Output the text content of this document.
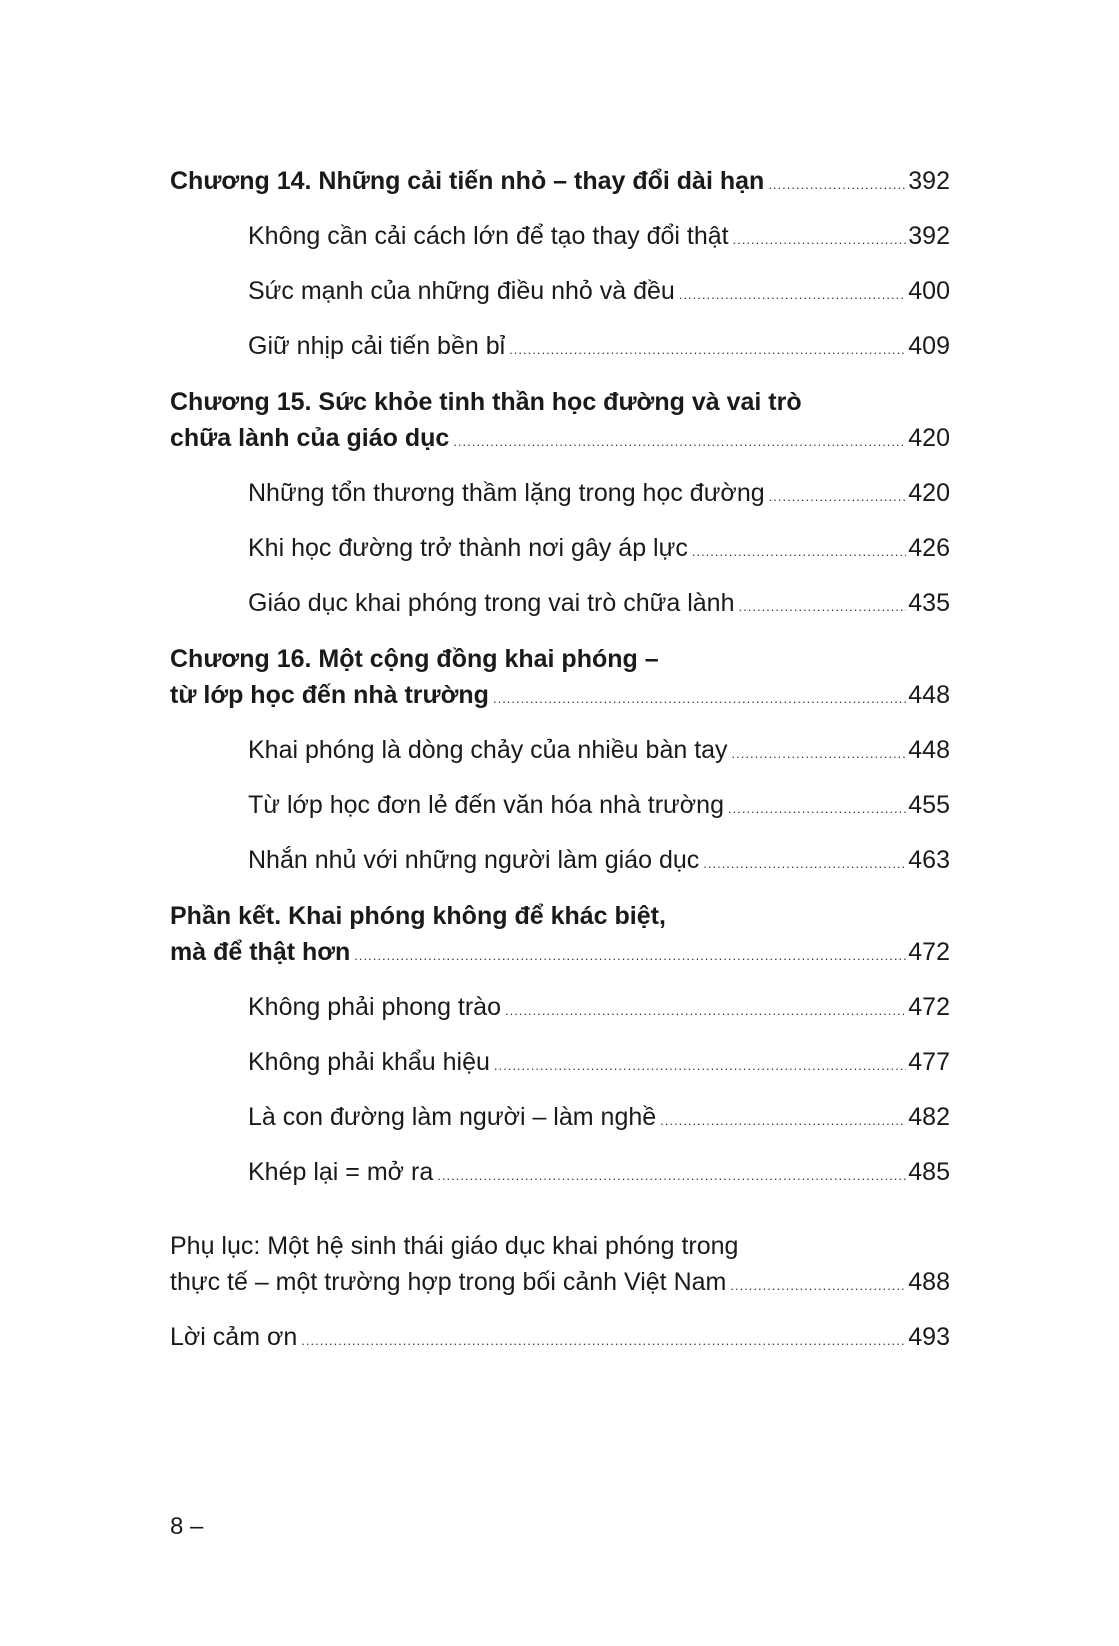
Chương 14. Những cải tiến nhỏ – thay đổi dài hạn .....	392
Không cần cải cách lớn để tạo thay đổi thật .....	392
Sức mạnh của những điều nhỏ và đều .....	400
Giữ nhịp cải tiến bền bỉ .....	409
Chương 15. Sức khỏe tinh thần học đường và vai trò
chữa lành của giáo dục .....	420
Những tổn thương thầm lặng trong học đường .....	420
Khi học đường trở thành nơi gây áp lực .....	426
Giáo dục khai phóng trong vai trò chữa lành .....	435
Chương 16. Một cộng đồng khai phóng –
từ lớp học đến nhà trường .....	448
Khai phóng là dòng chảy của nhiều bàn tay .....	448
Từ lớp học đơn lẻ đến văn hóa nhà trường .....	455
Nhắn nhủ với những người làm giáo dục .....	463
Phần kết. Khai phóng không để khác biệt,
mà để thật hơn .....	472
Không phải phong trào .....	472
Không phải khẩu hiệu .....	477
Là con đường làm người – làm nghề .....	482
Khép lại = mở ra .....	485
Phụ lục: Một hệ sinh thái giáo dục khai phóng trong
thực tế – một trường hợp trong bối cảnh Việt Nam .....	488
Lời cảm ơn .....	493
8 –
